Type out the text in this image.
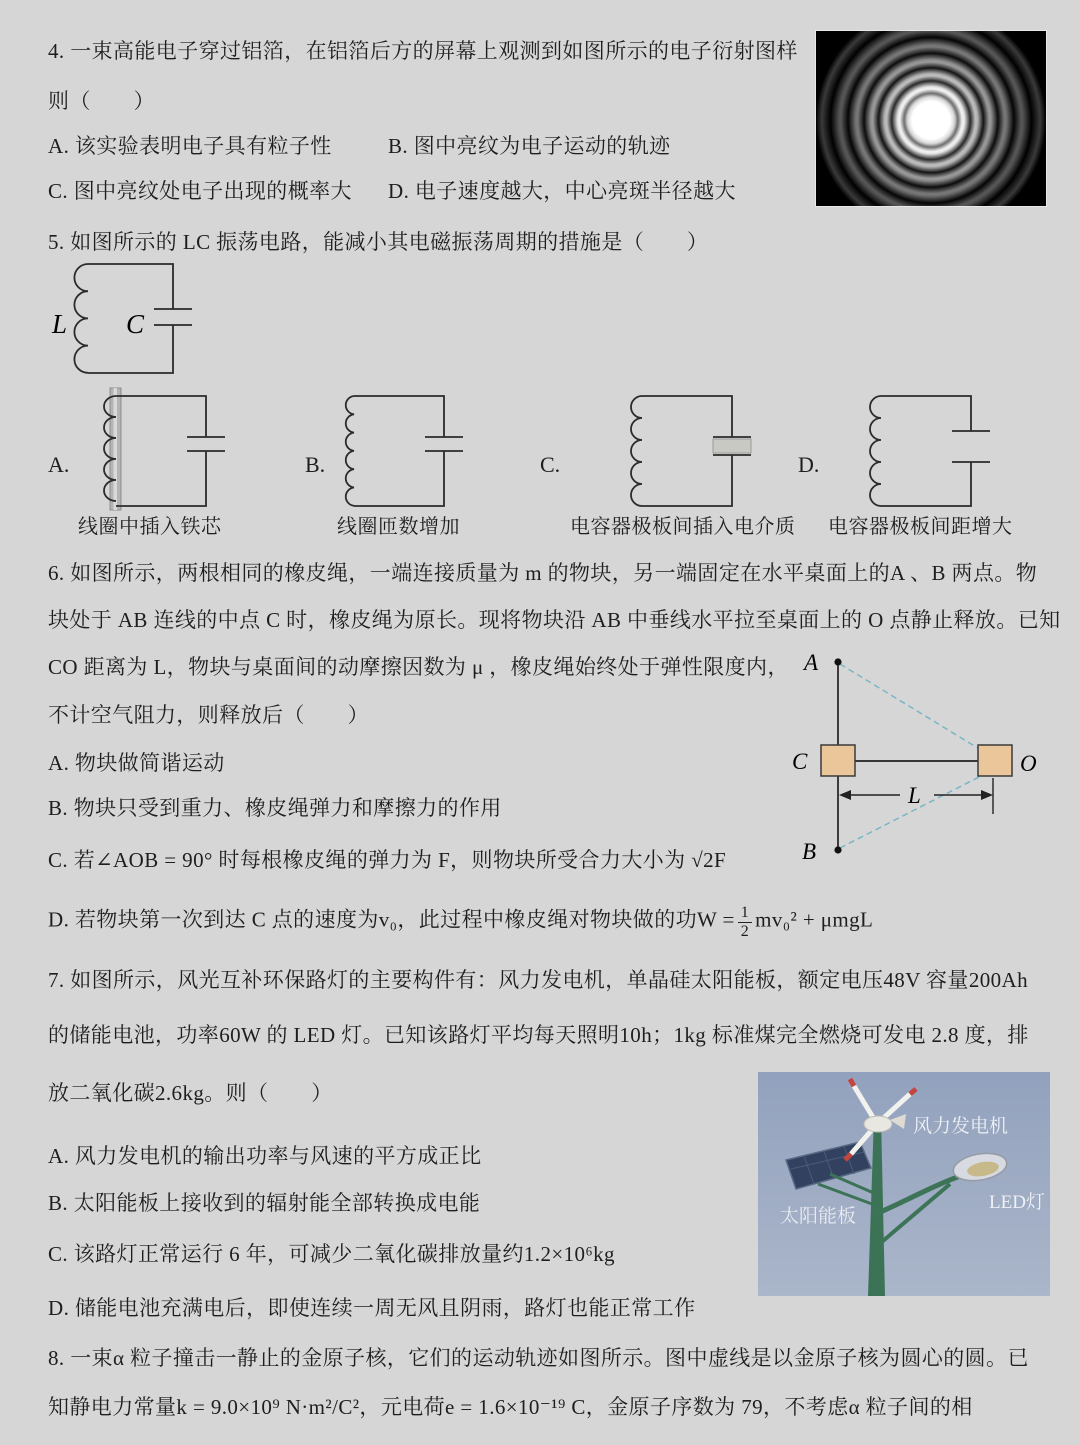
4. 一束高能电子穿过铝箔，在铝箔后方的屏幕上观测到如图所示的电子衍射图样
则（　　）
A. 该实验表明电子具有粒子性	B. 图中亮纹为电子运动的轨迹
C. 图中亮纹处电子出现的概率大 D. 电子速度越大，中心亮斑半径越大
5. 如图所示的 LC 振荡电路，能减小其电磁振荡周期的措施是（　　）
L C
A.
线圈中插入铁芯
B.
线圈匝数增加
C.
电容器极板间插入电介质
D.
电容器极板间距增大
6. 如图所示，两根相同的橡皮绳，一端连接质量为 m 的物块，另一端固定在水平桌面上的A 、B 两点。物
块处于 AB 连线的中点 C 时，橡皮绳为原长。现将物块沿 AB 中垂线水平拉至桌面上的 O 点静止释放。已知
CO 距离为 L，物块与桌面间的动摩擦因数为 μ ，橡皮绳始终处于弹性限度内，
不计空气阻力，则释放后（　　）
A. 物块做简谐运动
B. 物块只受到重力、橡皮绳弹力和摩擦力的作用
C. 若∠AOB = 90° 时每根橡皮绳的弹力为 F，则物块所受合力大小为 √2F
D. 若物块第一次到达 C 点的速度为v₀，此过程中橡皮绳对物块做的功$W = \frac{1}{2} mv_0^2 + \mu mgL$
A
C	O
B
L
7. 如图所示，风光互补环保路灯的主要构件有：风力发电机，单晶硅太阳能板，额定电压48V 容量200Ah
的储能电池，功率60W 的 LED 灯。已知该路灯平均每天照明10h；1kg 标准煤完全燃烧可发电 2.8 度，排
放二氧化碳2.6kg。则（　　）
A. 风力发电机的输出功率与风速的平方成正比
B. 太阳能板上接收到的辐射能全部转换成电能
C. 该路灯正常运行 6 年，可减少二氧化碳排放量约1.2×10⁶kg
D. 储能电池充满电后，即使连续一周无风且阴雨，路灯也能正常工作
风力发电机
LED灯
太阳能板
8. 一束α 粒子撞击一静止的金原子核，它们的运动轨迹如图所示。图中虚线是以金原子核为圆心的圆。已
知静电力常量k = 9.0×10⁹ N·m²/C²，元电荷e = 1.6×10⁻¹⁹ C，金原子序数为 79，不考虑α 粒子间的相
